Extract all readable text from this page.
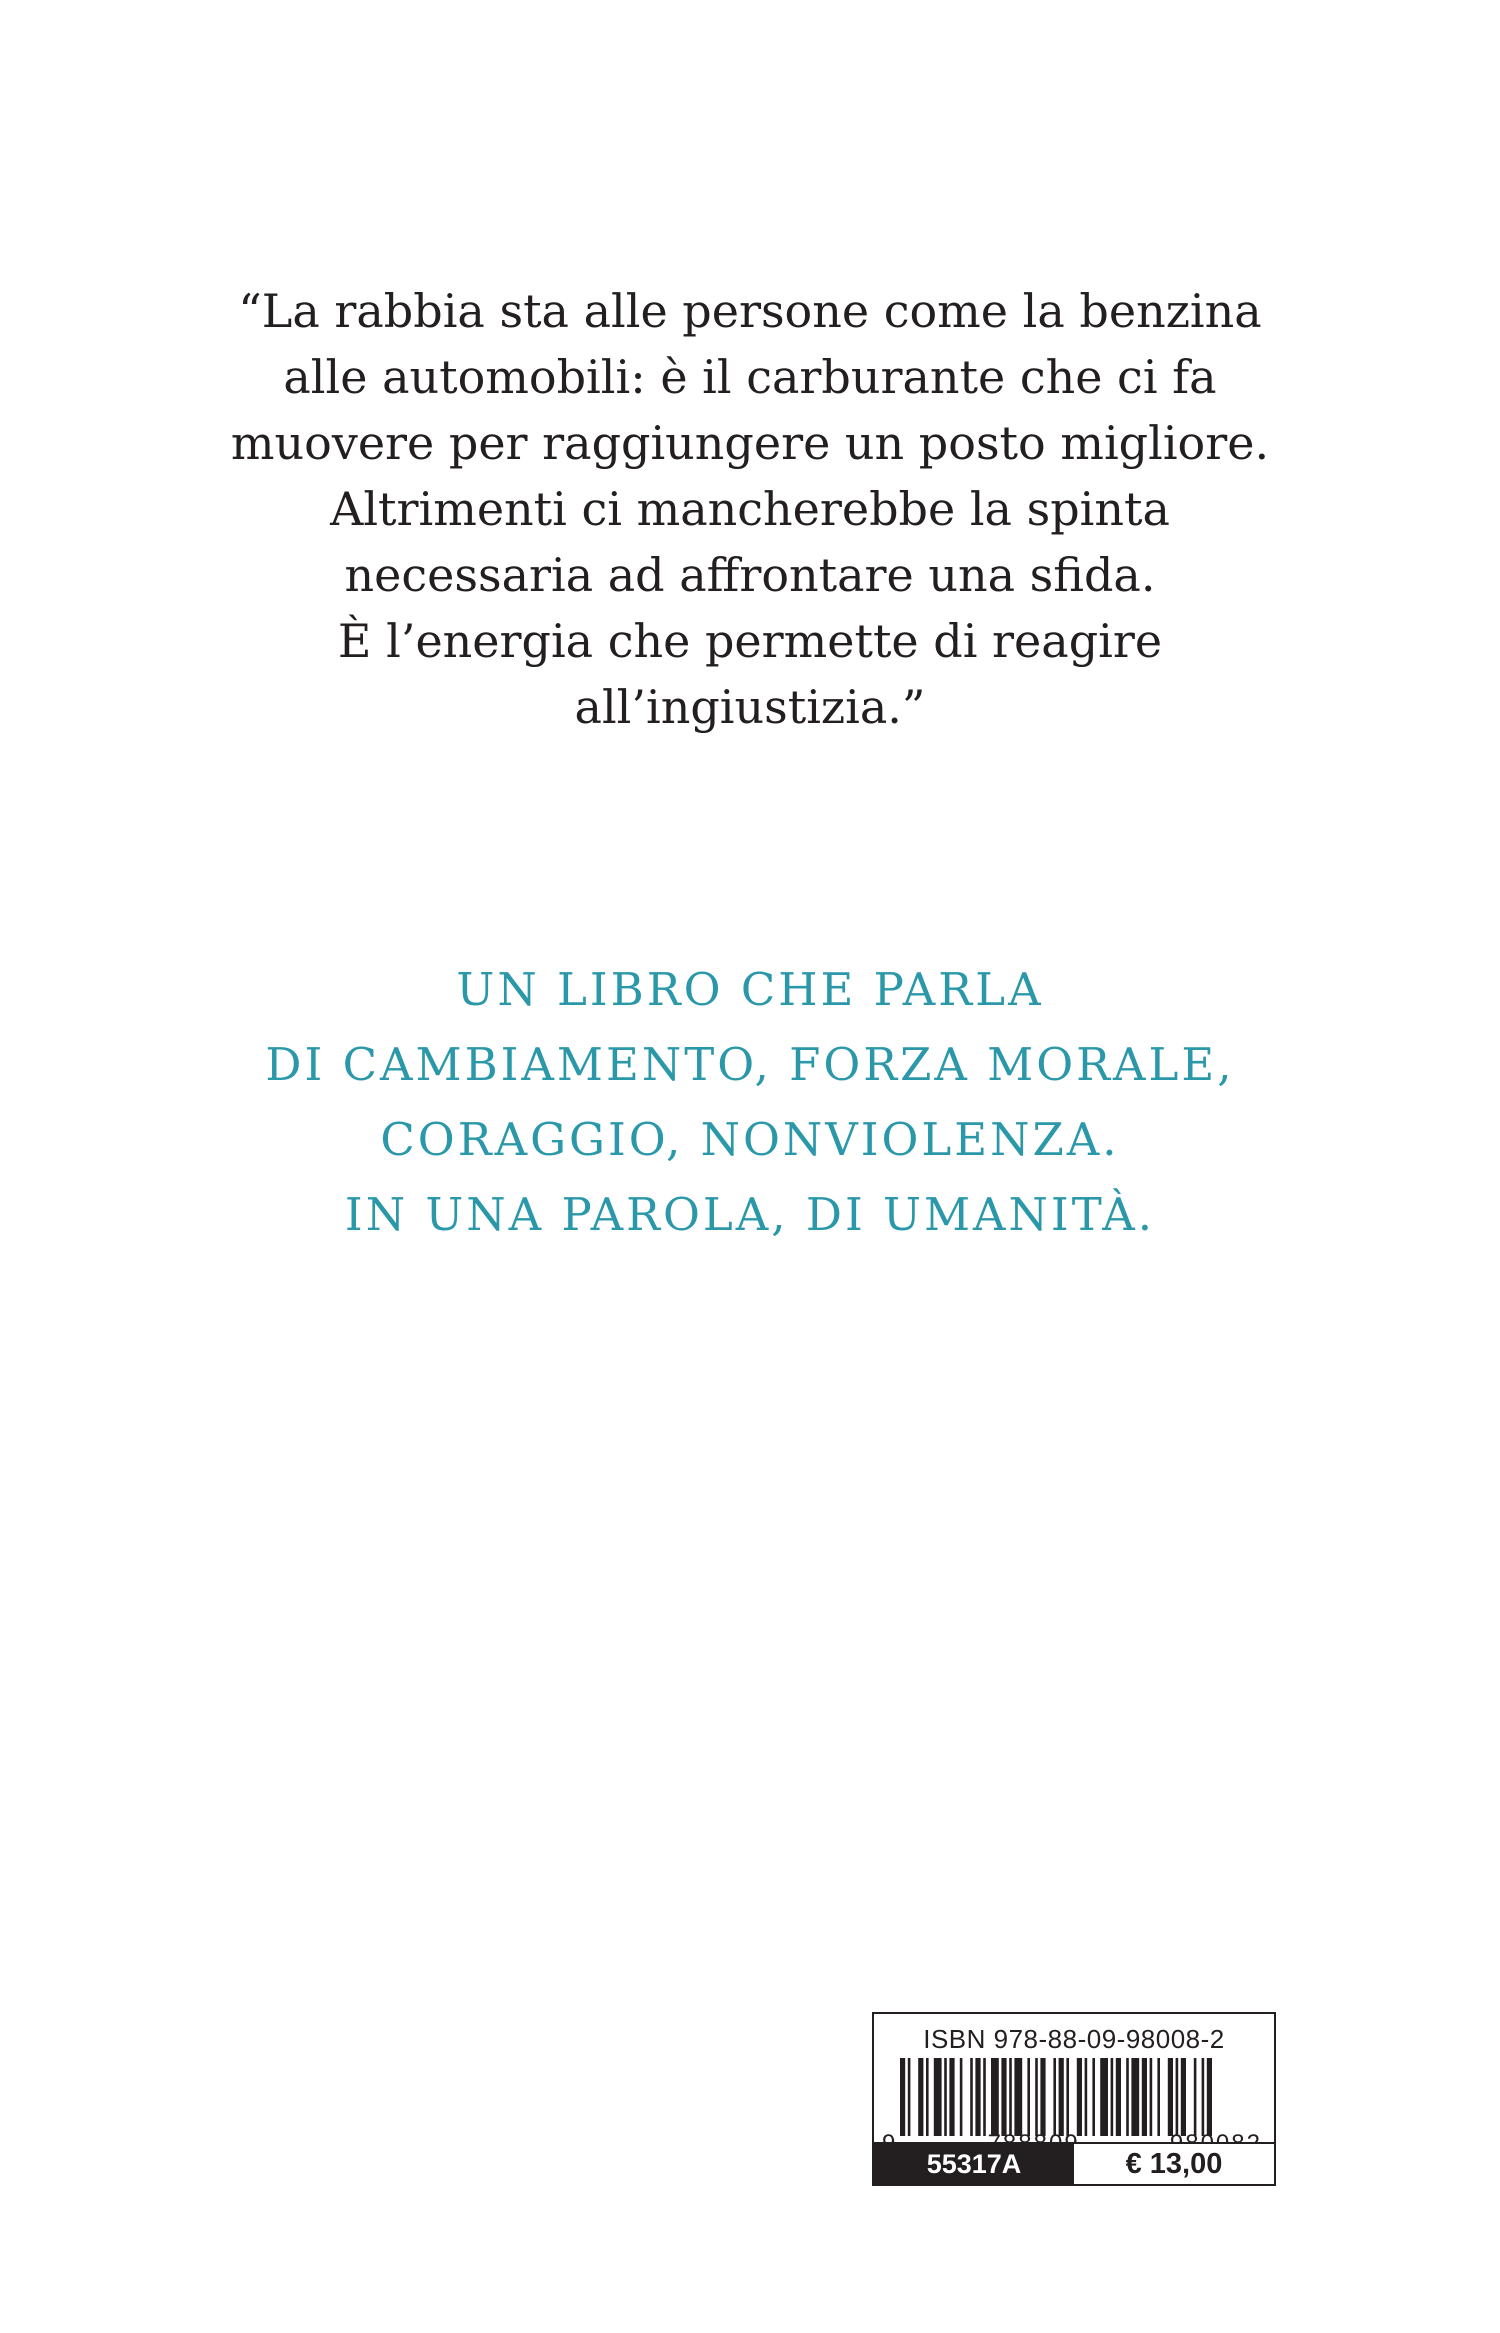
“La rabbia sta alle persone come la benzina
alle automobili: è il carburante che ci fa
muovere per raggiungere un posto migliore.
Altrimenti ci mancherebbe la spinta
necessaria ad affrontare una sfida.
È l’energia che permette di reagire
all’ingiustizia.”
UN LIBRO CHE PARLA
DI CAMBIAMENTO, FORZA MORALE,
CORAGGIO, NONVIOLENZA.
IN UNA PAROLA, DI UMANITÀ.
ISBN 978-88-09-98008-2
55317A	€ 13,00
